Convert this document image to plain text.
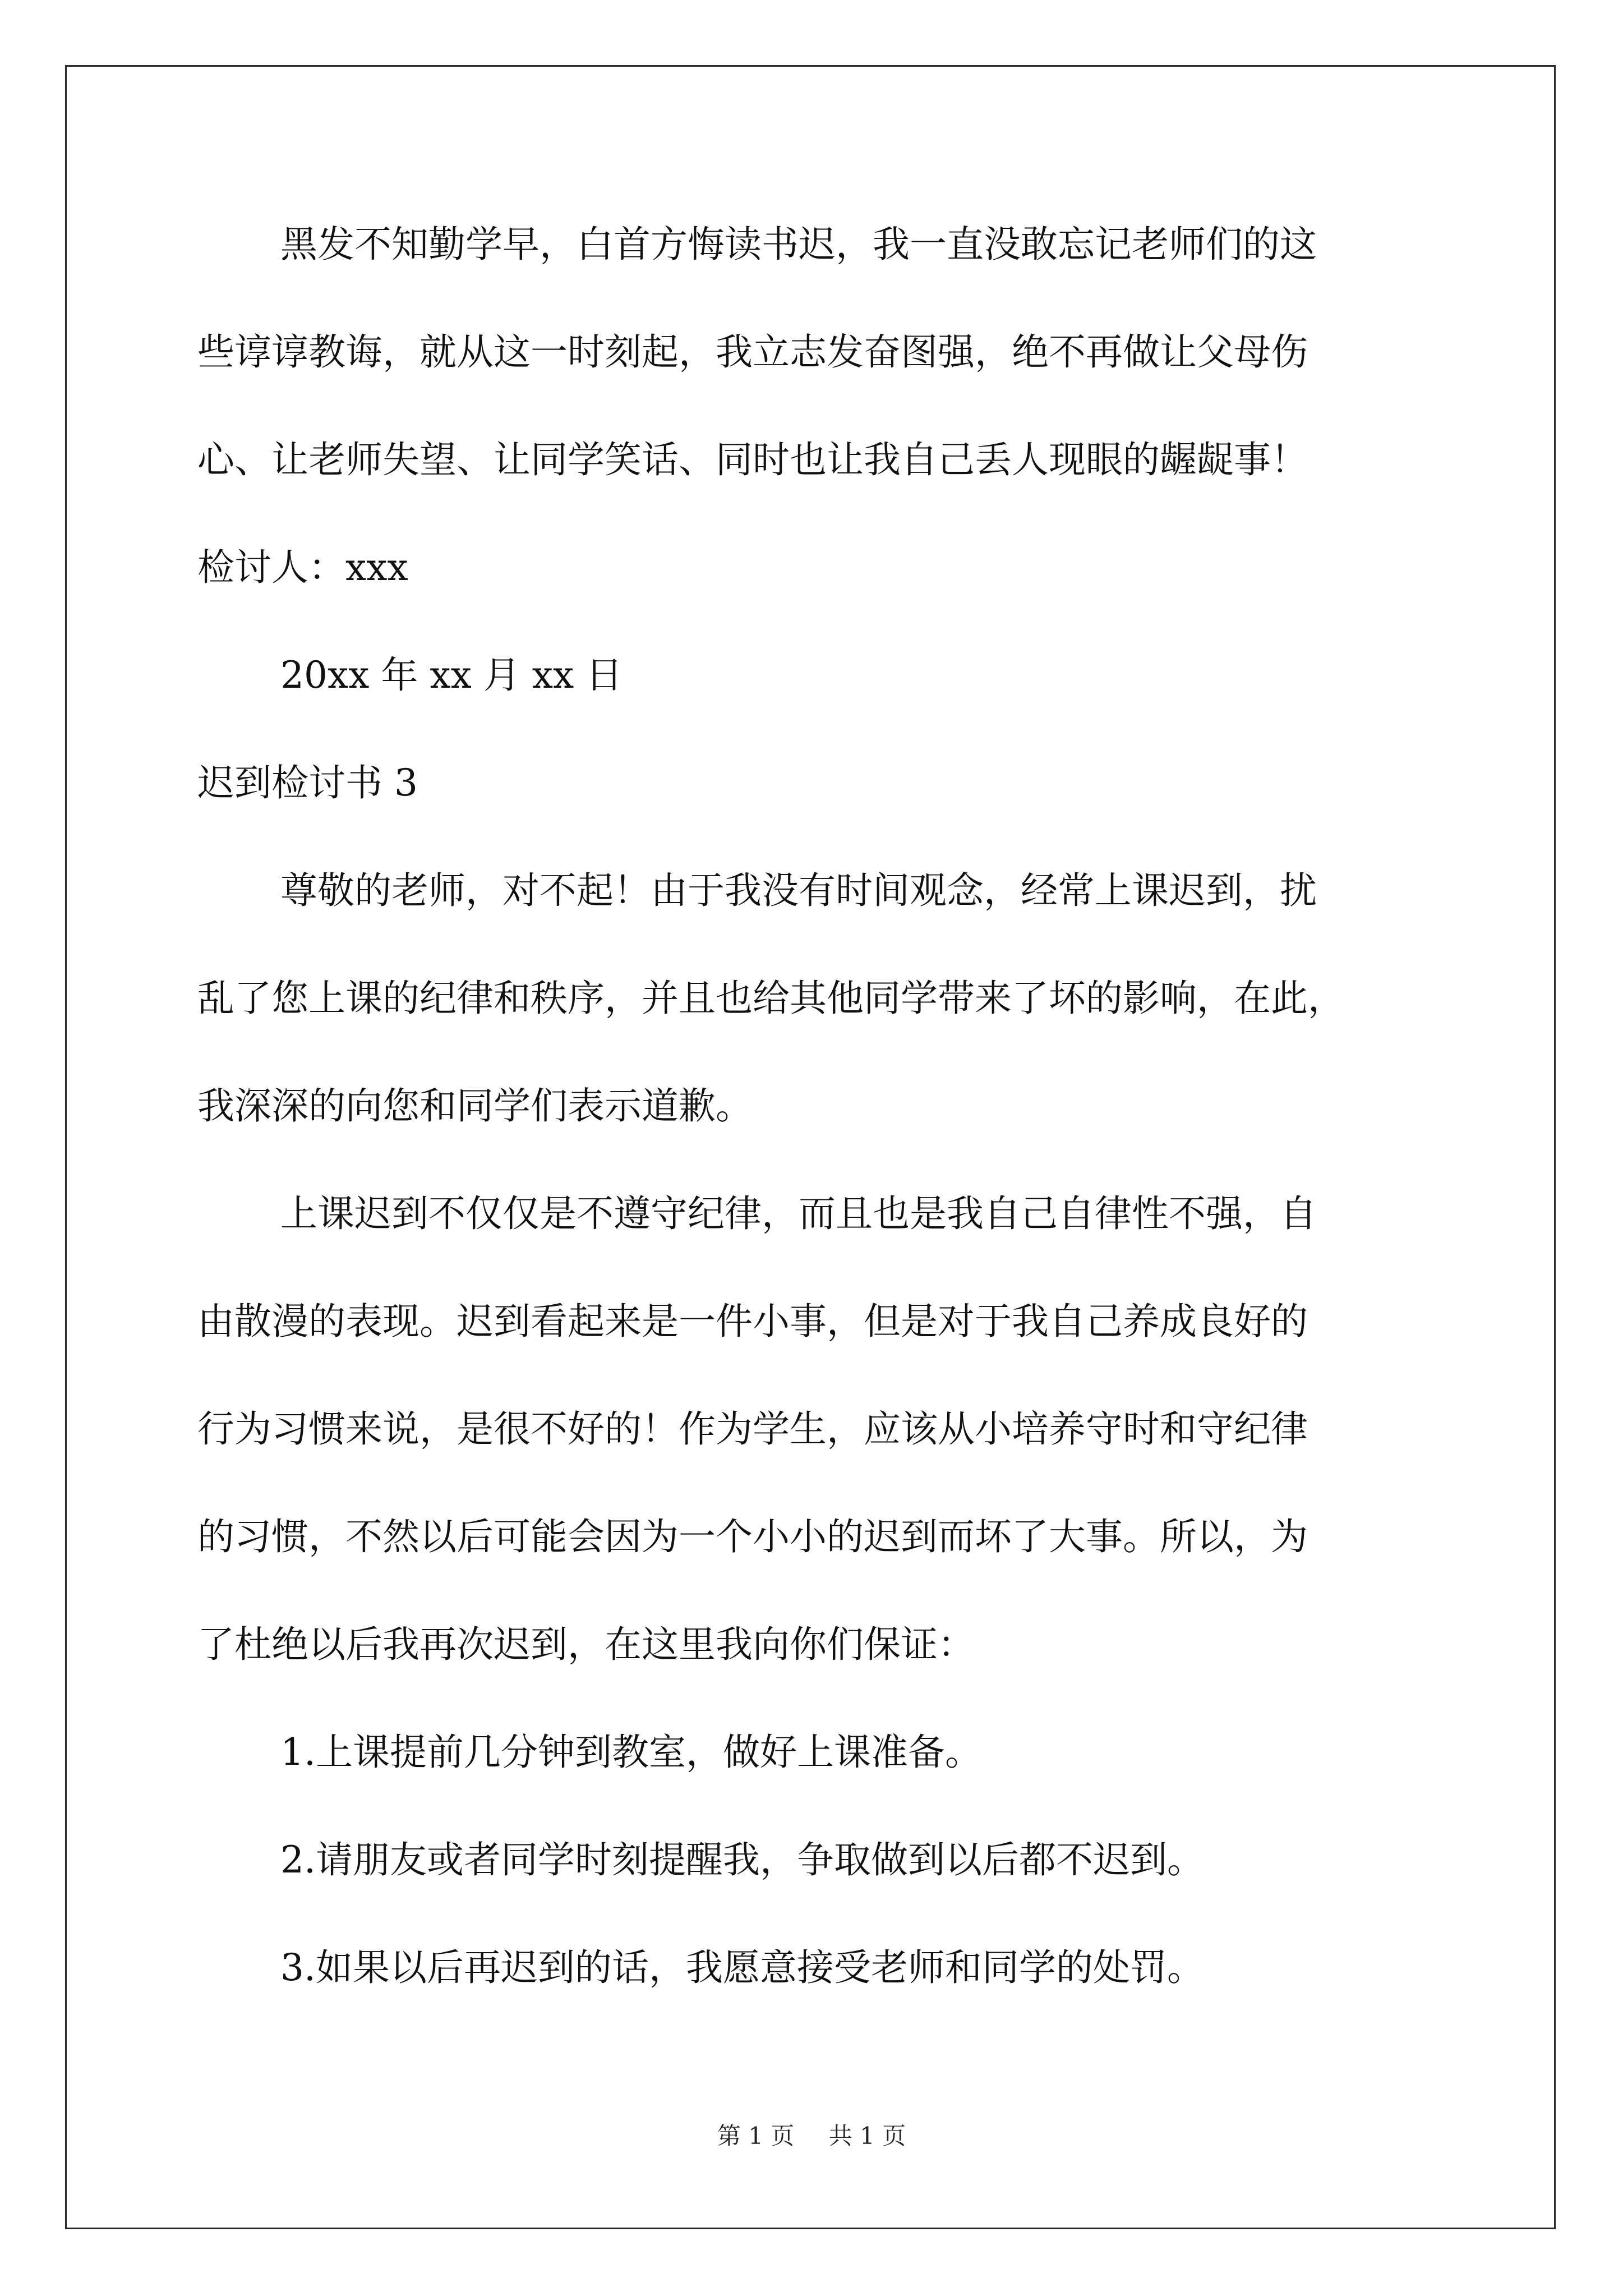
黑发不知勤学早，白首方悔读书迟，我一直没敢忘记老师们的这

些谆谆教诲，就从这一时刻起，我立志发奋图强，绝不再做让父母伤

心、让老师失望、让同学笑话、同时也让我自己丢人现眼的龌龊事！

检讨人：xxx

20xx 年 xx 月 xx 日

迟到检讨书 3

尊敬的老师，对不起！由于我没有时间观念，经常上课迟到，扰

乱了您上课的纪律和秩序，并且也给其他同学带来了坏的影响，在此，

我深深的向您和同学们表示道歉。

上课迟到不仅仅是不遵守纪律，而且也是我自己自律性不强，自

由散漫的表现。迟到看起来是一件小事，但是对于我自己养成良好的

行为习惯来说，是很不好的！作为学生，应该从小培养守时和守纪律

的习惯，不然以后可能会因为一个小小的迟到而坏了大事。所以，为

了杜绝以后我再次迟到，在这里我向你们保证：

1.上课提前几分钟到教室，做好上课准备。

2.请朋友或者同学时刻提醒我，争取做到以后都不迟到。

3.如果以后再迟到的话，我愿意接受老师和同学的处罚。

第 1 页 共 1 页
